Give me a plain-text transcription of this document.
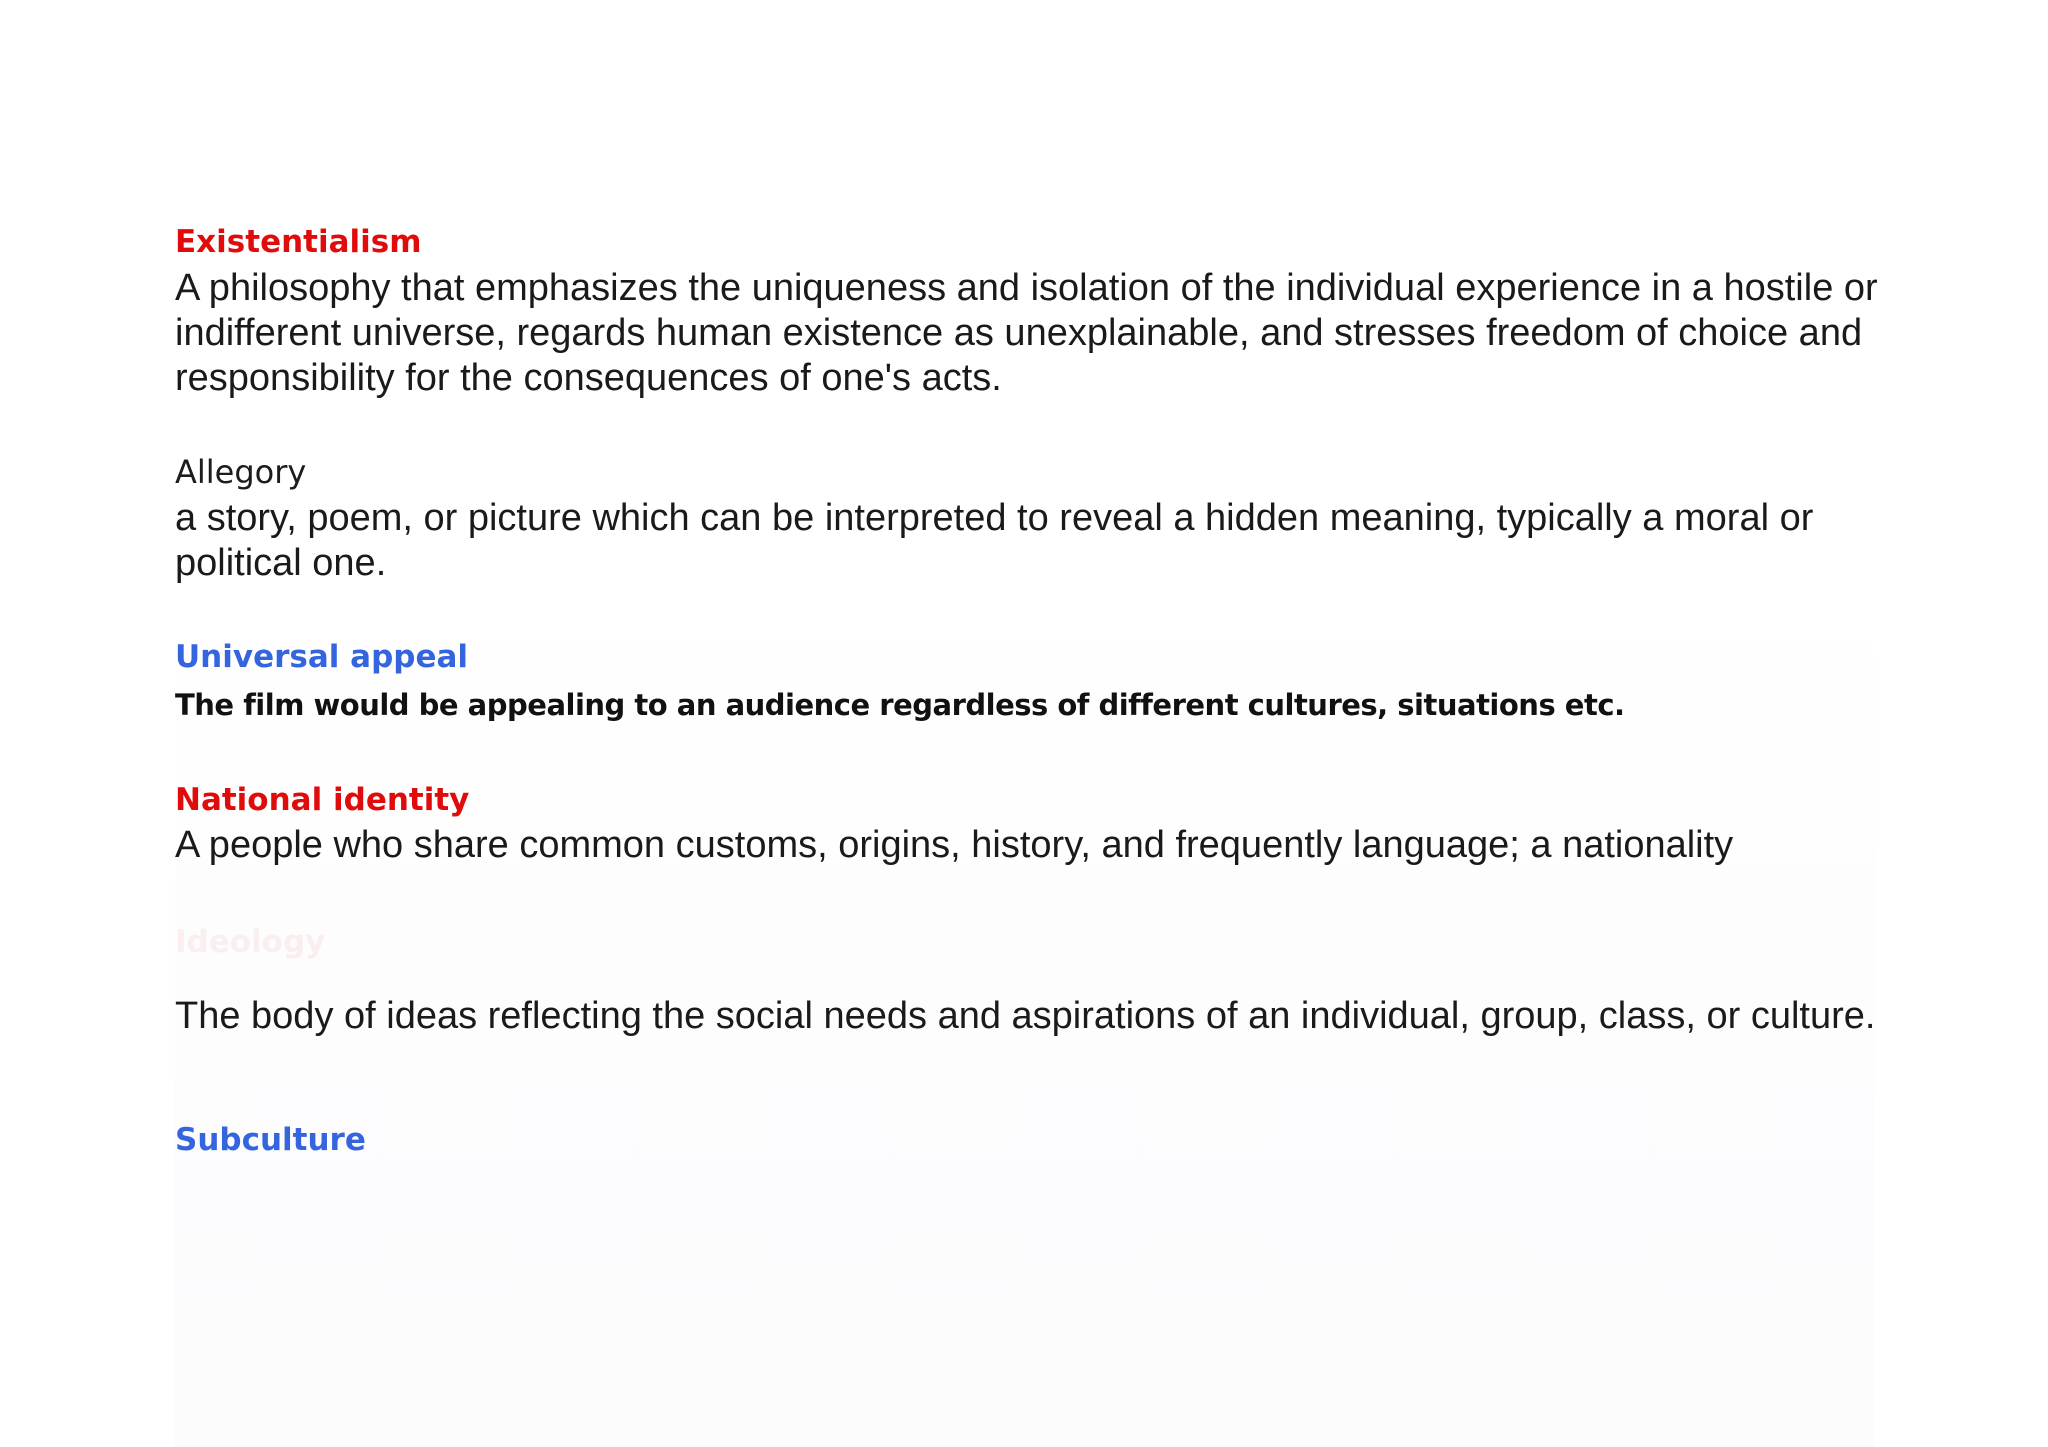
Existentialism
A philosophy that emphasizes the uniqueness and isolation of the individual experience in a hostile or indifferent universe, regards human existence as unexplainable, and stresses freedom of choice and responsibility for the consequences of one's acts.
Allegory
a story, poem, or picture which can be interpreted to reveal a hidden meaning, typically a moral or political one.
Universal appeal
The film would be appealing to an audience regardless of different cultures, situations etc.
National identity
A people who share common customs, origins, history, and frequently language; a nationality
Ideology
The body of ideas reflecting the social needs and aspirations of an individual, group, class, or culture.
Subculture
